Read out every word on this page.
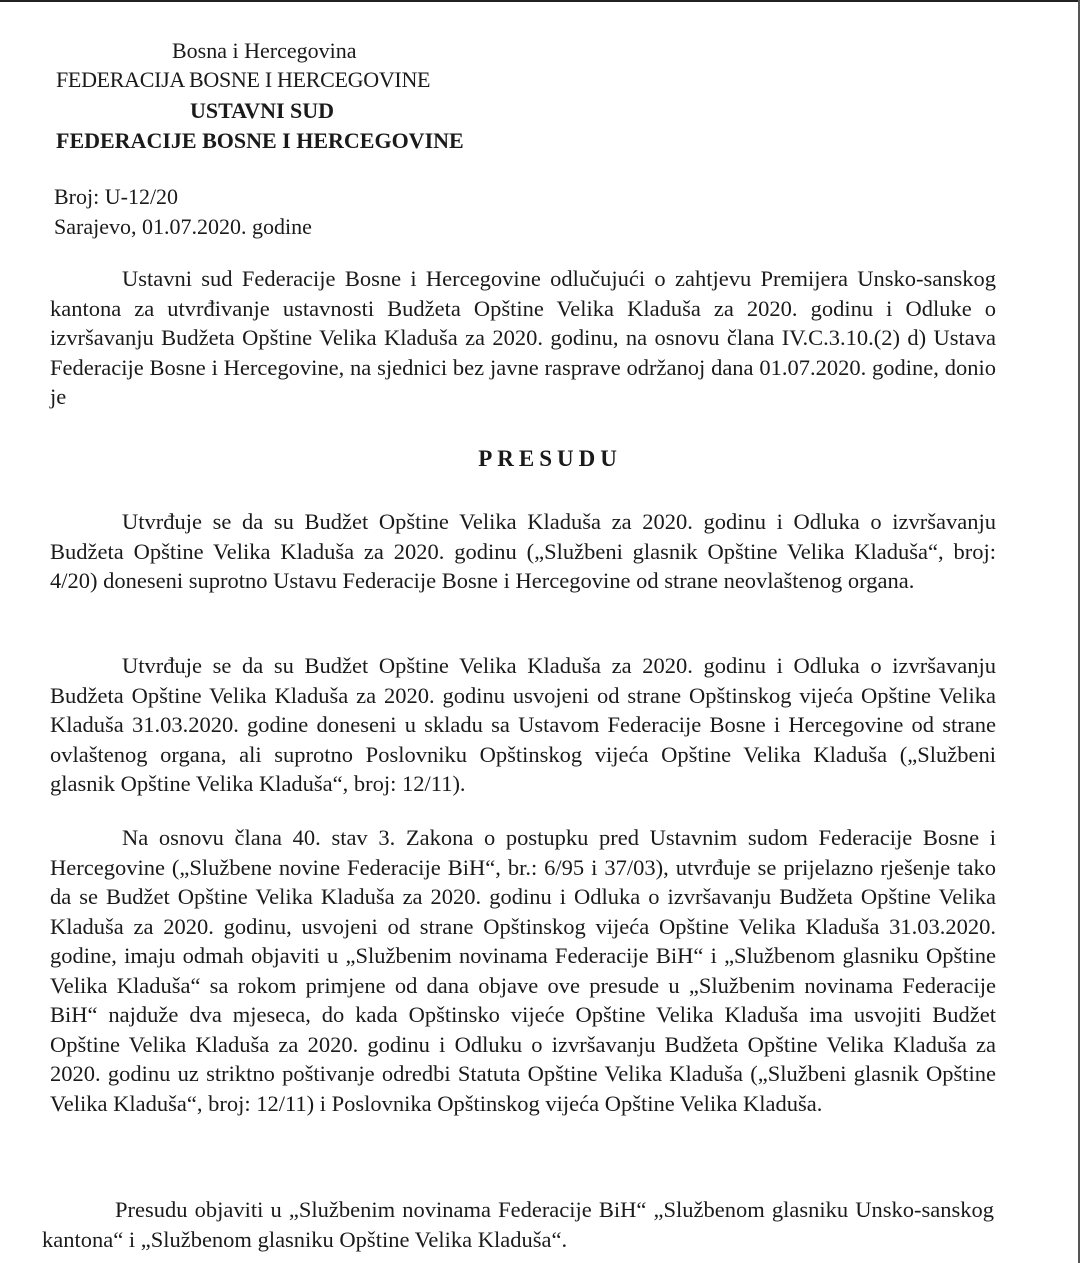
Bosna i Hercegovina
FEDERACIJA BOSNE I HERCEGOVINE
USTAVNI SUD
FEDERACIJE BOSNE I HERCEGOVINE
Broj: U-12/20
Sarajevo, 01.07.2020. godine

Ustavni sud Federacije Bosne i Hercegovine odlučujući o zahtjevu Premijera Unsko-sanskog kantona za utvrđivanje ustavnosti Budžeta Opštine Velika Kladuša za 2020. godinu i Odluke o izvršavanju Budžeta Opštine Velika Kladuša za 2020. godinu, na osnovu člana IV.C.3.10.(2) d) Ustava Federacije Bosne i Hercegovine, na sjednici bez javne rasprave održanoj dana 01.07.2020. godine, donio je

PRESUDU

Utvrđuje se da su Budžet Opštine Velika Kladuša za 2020. godinu i Odluka o izvršavanju Budžeta Opštine Velika Kladuša za 2020. godinu („Službeni glasnik Opštine Velika Kladuša“, broj: 4/20) doneseni suprotno Ustavu Federacije Bosne i Hercegovine od strane neovlaštenog organa.

Utvrđuje se da su Budžet Opštine Velika Kladuša za 2020. godinu i Odluka o izvršavanju Budžeta Opštine Velika Kladuša za 2020. godinu usvojeni od strane Opštinskog vijeća Opštine Velika Kladuša 31.03.2020. godine doneseni u skladu sa Ustavom Federacije Bosne i Hercegovine od strane ovlaštenog organa, ali suprotno Poslovniku Opštinskog vijeća Opštine Velika Kladuša („Službeni glasnik Opštine Velika Kladuša“, broj: 12/11).

Na osnovu člana 40. stav 3. Zakona o postupku pred Ustavnim sudom Federacije Bosne i Hercegovine („Službene novine Federacije BiH“, br.: 6/95 i 37/03), utvrđuje se prijelazno rješenje tako da se Budžet Opštine Velika Kladuša za 2020. godinu i Odluka o izvršavanju Budžeta Opštine Velika Kladuša za 2020. godinu, usvojeni od strane Opštinskog vijeća Opštine Velika Kladuša 31.03.2020. godine, imaju odmah objaviti u „Službenim novinama Federacije BiH“ i „Službenom glasniku Opštine Velika Kladuša“ sa rokom primjene od dana objave ove presude u „Službenim novinama Federacije BiH“ najduže dva mjeseca, do kada Opštinsko vijeće Opštine Velika Kladuša ima usvojiti Budžet Opštine Velika Kladuša za 2020. godinu i Odluku o izvršavanju Budžeta Opštine Velika Kladuša za 2020. godinu uz striktno poštivanje odredbi Statuta Opštine Velika Kladuša („Službeni glasnik Opštine Velika Kladuša“, broj: 12/11) i Poslovnika Opštinskog vijeća Opštine Velika Kladuša.

Presudu objaviti u „Službenim novinama Federacije BiH“ „Službenom glasniku Unsko-sanskog kantona“ i „Službenom glasniku Opštine Velika Kladuša“.
